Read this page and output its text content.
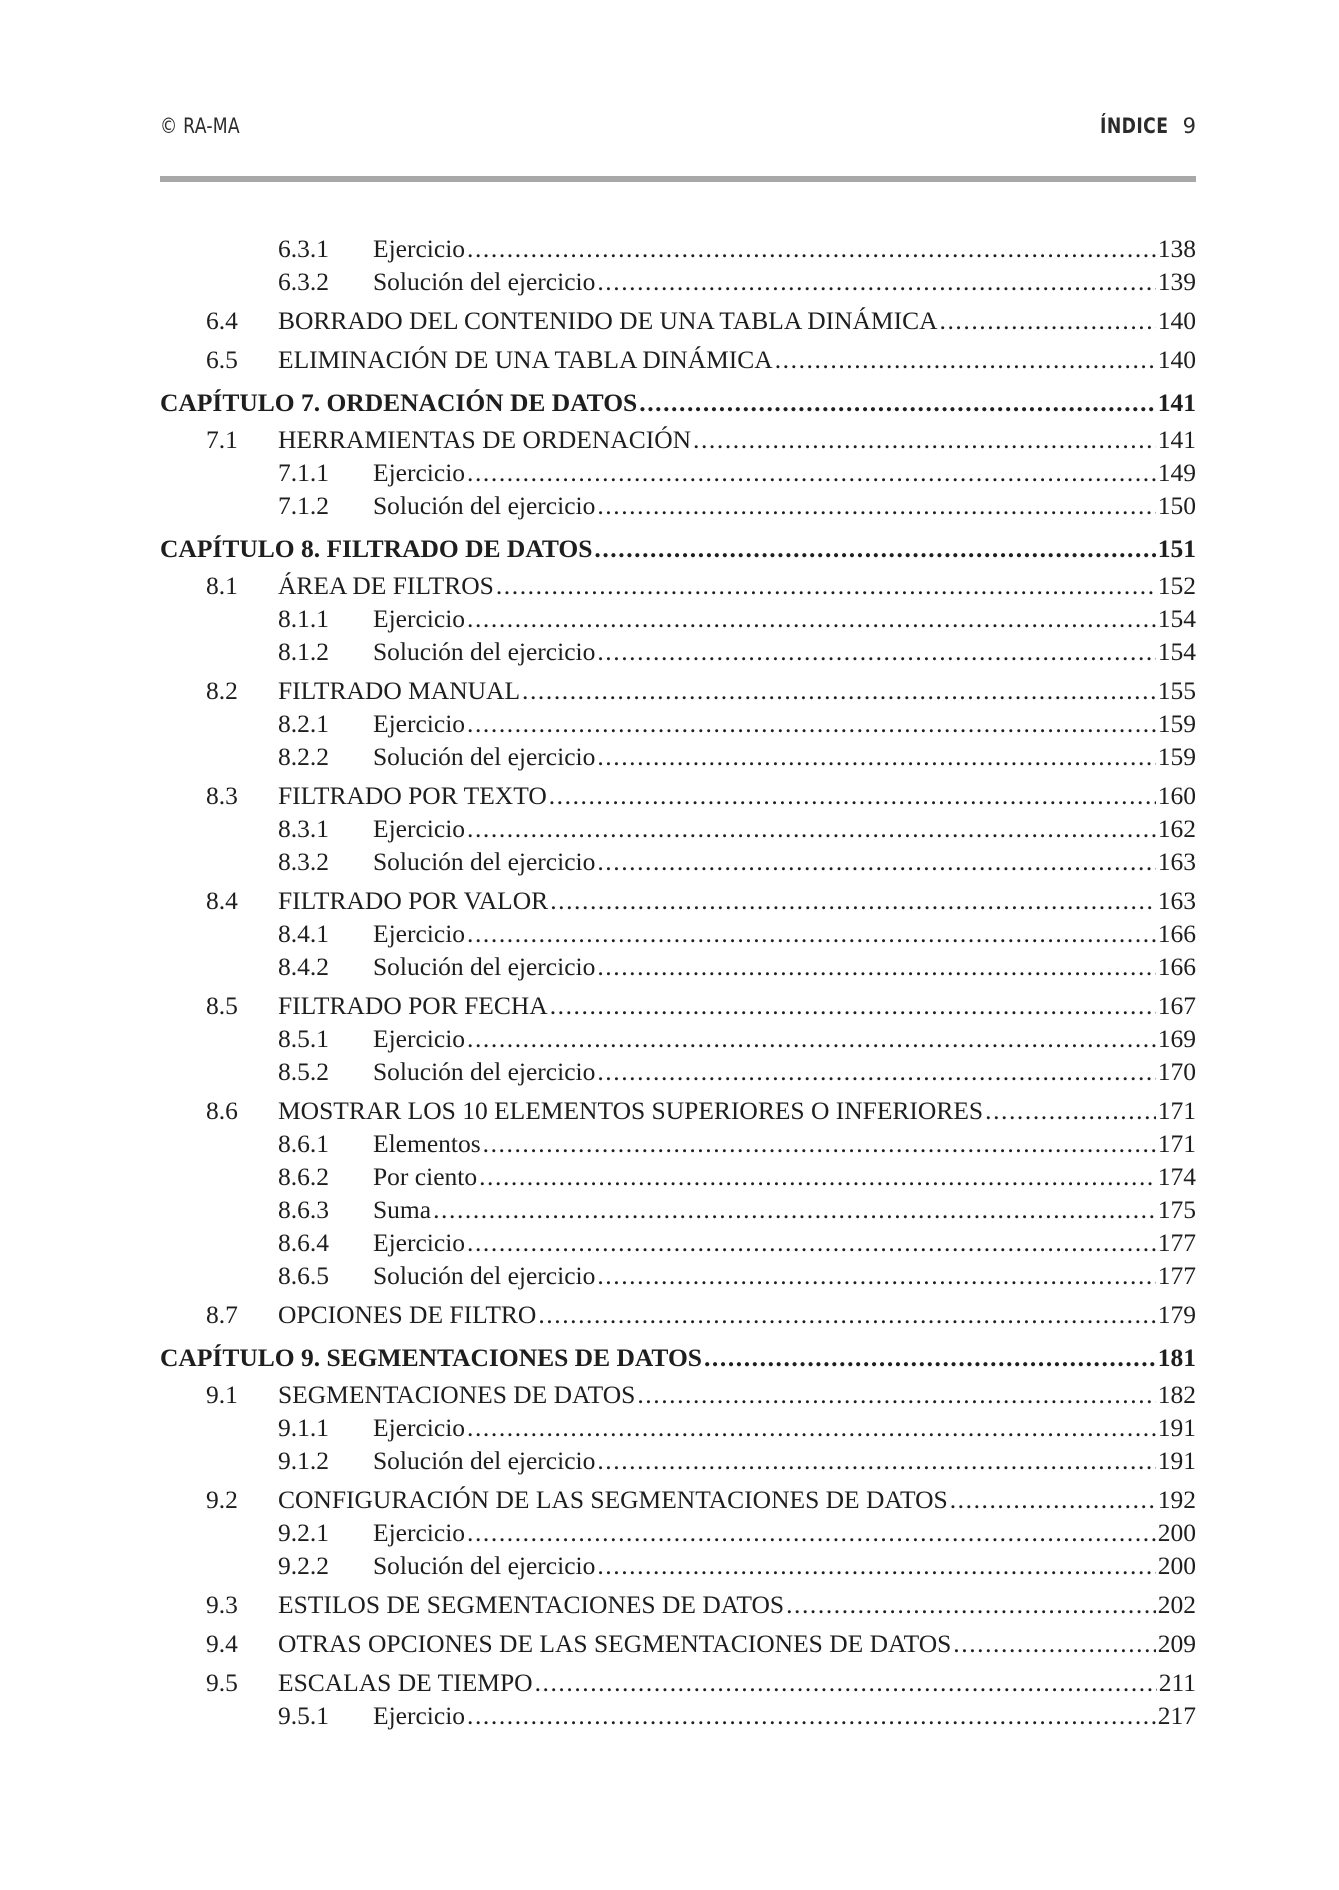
© RA-MA	ÍNDICE 9
6.3.1 Ejercicio . . .	138
6.3.2 Solución del ejercicio . . .	139
6.4 BORRADO DEL CONTENIDO DE UNA TABLA DINÁMICA . . .	140
6.5 ELIMINACIÓN DE UNA TABLA DINÁMICA . . .	140
CAPÍTULO 7. ORDENACIÓN DE DATOS . . .	141
7.1 HERRAMIENTAS DE ORDENACIÓN . . .	141
7.1.1 Ejercicio . . .	149
7.1.2 Solución del ejercicio . . .	150
CAPÍTULO 8. FILTRADO DE DATOS . . .	151
8.1 ÁREA DE FILTROS . . .	152
8.1.1 Ejercicio . . .	154
8.1.2 Solución del ejercicio . . .	154
8.2 FILTRADO MANUAL . . .	155
8.2.1 Ejercicio . . .	159
8.2.2 Solución del ejercicio . . .	159
8.3 FILTRADO POR TEXTO . . .	160
8.3.1 Ejercicio . . .	162
8.3.2 Solución del ejercicio . . .	163
8.4 FILTRADO POR VALOR . . .	163
8.4.1 Ejercicio . . .	166
8.4.2 Solución del ejercicio . . .	166
8.5 FILTRADO POR FECHA . . .	167
8.5.1 Ejercicio . . .	169
8.5.2 Solución del ejercicio . . .	170
8.6 MOSTRAR LOS 10 ELEMENTOS SUPERIORES O INFERIORES . . .	171
8.6.1 Elementos . . .	171
8.6.2 Por ciento . . .	174
8.6.3 Suma . . .	175
8.6.4 Ejercicio . . .	177
8.6.5 Solución del ejercicio . . .	177
8.7 OPCIONES DE FILTRO . . .	179
CAPÍTULO 9. SEGMENTACIONES DE DATOS . . .	181
9.1 SEGMENTACIONES DE DATOS . . .	182
9.1.1 Ejercicio . . .	191
9.1.2 Solución del ejercicio . . .	191
9.2 CONFIGURACIÓN DE LAS SEGMENTACIONES DE DATOS . . .	192
9.2.1 Ejercicio . . .	200
9.2.2 Solución del ejercicio . . .	200
9.3 ESTILOS DE SEGMENTACIONES DE DATOS . . .	202
9.4 OTRAS OPCIONES DE LAS SEGMENTACIONES DE DATOS . . .	209
9.5 ESCALAS DE TIEMPO . . .	211
9.5.1 Ejercicio . . .	217
